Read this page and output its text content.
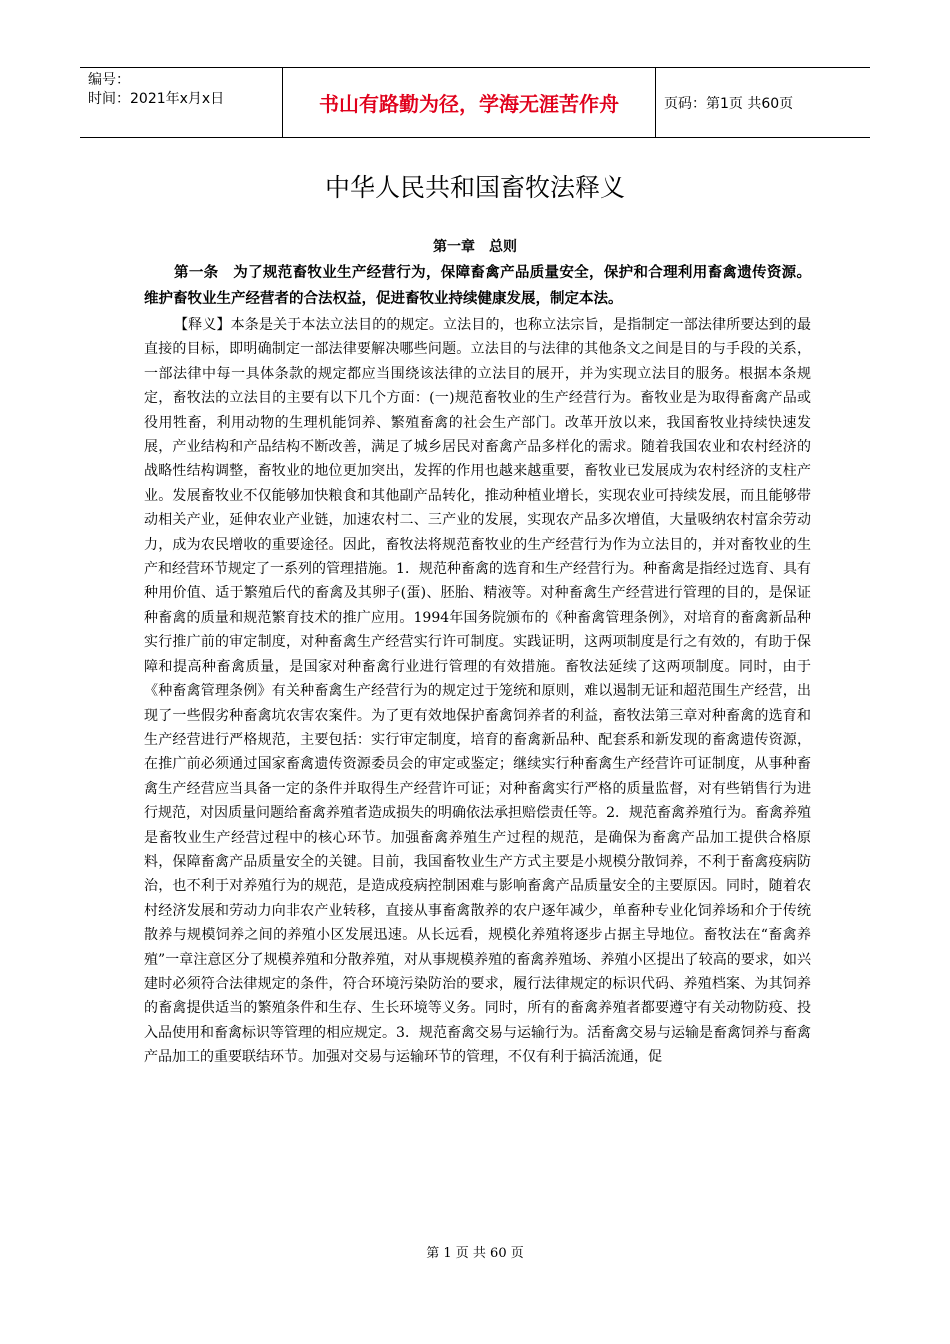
编号：
时间：2021年x月x日	书山有路勤为径，学海无涯苦作舟	页码：第1页 共60页
中华人民共和国畜牧法释义
第一章　总则

第一条　为了规范畜牧业生产经营行为，保障畜禽产品质量安全，保护和合理利用畜禽遗传资源。维护畜牧业生产经营者的合法权益，促进畜牧业持续健康发展，制定本法。

【释义】本条是关于本法立法目的的规定。立法目的，也称立法宗旨，是指制定一部法律所要达到的最直接的目标，即明确制定一部法律要解决哪些问题。立法目的与法律的其他条文之间是目的与手段的关系，一部法律中每一具体条款的规定都应当围绕该法律的立法目的展开，并为实现立法目的服务。根据本条规定，畜牧法的立法目的主要有以下几个方面：(一)规范畜牧业的生产经营行为。畜牧业是为取得畜禽产品或役用牲畜，利用动物的生理机能饲养、繁殖畜禽的社会生产部门。改革开放以来，我国畜牧业持续快速发展，产业结构和产品结构不断改善，满足了城乡居民对畜禽产品多样化的需求。随着我国农业和农村经济的战略性结构调整，畜牧业的地位更加突出，发挥的作用也越来越重要，畜牧业已发展成为农村经济的支柱产业。发展畜牧业不仅能够加快粮食和其他副产品转化，推动种植业增长，实现农业可持续发展，而且能够带动相关产业，延伸农业产业链，加速农村二、三产业的发展，实现农产品多次增值，大量吸纳农村富余劳动力，成为农民增收的重要途径。因此，畜牧法将规范畜牧业的生产经营行为作为立法目的，并对畜牧业的生产和经营环节规定了一系列的管理措施。1．规范种畜禽的选育和生产经营行为。种畜禽是指经过选育、具有种用价值、适于繁殖后代的畜禽及其卵子(蛋)、胚胎、精液等。对种畜禽生产经营进行管理的目的，是保证种畜禽的质量和规范繁育技术的推广应用。1994年国务院颁布的《种畜禽管理条例》，对培育的畜禽新品种实行推广前的审定制度，对种畜禽生产经营实行许可制度。实践证明，这两项制度是行之有效的，有助于保障和提高种畜禽质量，是国家对种畜禽行业进行管理的有效措施。畜牧法延续了这两项制度。同时，由于《种畜禽管理条例》有关种畜禽生产经营行为的规定过于笼统和原则，难以遏制无证和超范围生产经营，出现了一些假劣种畜禽坑农害农案件。为了更有效地保护畜禽饲养者的利益，畜牧法第三章对种畜禽的选育和生产经营进行严格规范，主要包括：实行审定制度，培育的畜禽新品种、配套系和新发现的畜禽遗传资源，在推广前必须通过国家畜禽遗传资源委员会的审定或鉴定；继续实行种畜禽生产经营许可证制度，从事种畜禽生产经营应当具备一定的条件并取得生产经营许可证；对种畜禽实行严格的质量监督，对有些销售行为进行规范，对因质量问题给畜禽养殖者造成损失的明确依法承担赔偿责任等。2．规范畜禽养殖行为。畜禽养殖是畜牧业生产经营过程中的核心环节。加强畜禽养殖生产过程的规范，是确保为畜禽产品加工提供合格原料，保障畜禽产品质量安全的关键。目前，我国畜牧业生产方式主要是小规模分散饲养，不利于畜禽疫病防治，也不利于对养殖行为的规范，是造成疫病控制困难与影响畜禽产品质量安全的主要原因。同时，随着农村经济发展和劳动力向非农产业转移，直接从事畜禽散养的农户逐年减少，单畜种专业化饲养场和介于传统散养与规模饲养之间的养殖小区发展迅速。从长远看，规模化养殖将逐步占据主导地位。畜牧法在“畜禽养殖”一章注意区分了规模养殖和分散养殖，对从事规模养殖的畜禽养殖场、养殖小区提出了较高的要求，如兴建时必须符合法律规定的条件，符合环境污染防治的要求，履行法律规定的标识代码、养殖档案、为其饲养的畜禽提供适当的繁殖条件和生存、生长环境等义务。同时，所有的畜禽养殖者都要遵守有关动物防疫、投入品使用和畜禽标识等管理的相应规定。3．规范畜禽交易与运输行为。活畜禽交易与运输是畜禽饲养与畜禽产品加工的重要联结环节。加强对交易与运输环节的管理，不仅有利于搞活流通，促

第 1 页 共 60 页
